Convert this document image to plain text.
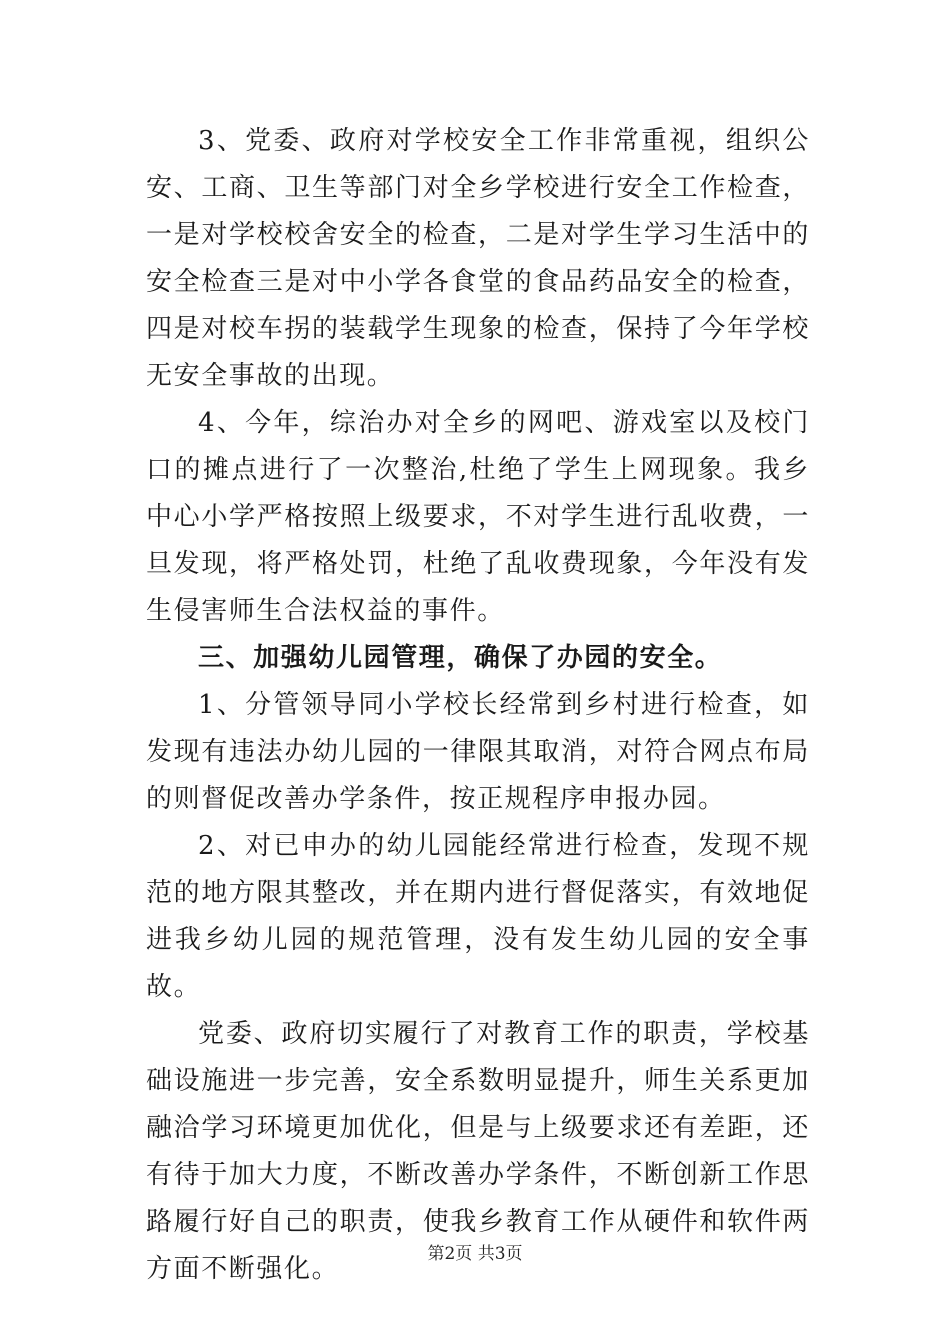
3、党委、政府对学校安全工作非常重视，组织公安、工商、卫生等部门对全乡学校进行安全工作检查，一是对学校校舍安全的检查，二是对学生学习生活中的安全检查三是对中小学各食堂的食品药品安全的检查，四是对校车拐的装载学生现象的检查，保持了今年学校无安全事故的出现。

4、今年，综治办对全乡的网吧、游戏室以及校门口的摊点进行了一次整治,杜绝了学生上网现象。我乡中心小学严格按照上级要求，不对学生进行乱收费，一旦发现，将严格处罚，杜绝了乱收费现象，今年没有发生侵害师生合法权益的事件。

三、加强幼儿园管理，确保了办园的安全。

1、分管领导同小学校长经常到乡村进行检查，如发现有违法办幼儿园的一律限其取消，对符合网点布局的则督促改善办学条件，按正规程序申报办园。

2、对已申办的幼儿园能经常进行检查，发现不规范的地方限其整改，并在期内进行督促落实，有效地促进我乡幼儿园的规范管理，没有发生幼儿园的安全事故。

党委、政府切实履行了对教育工作的职责，学校基础设施进一步完善，安全系数明显提升，师生关系更加融洽学习环境更加优化，但是与上级要求还有差距，还有待于加大力度，不断改善办学条件，不断创新工作思路履行好自己的职责，使我乡教育工作从硬件和软件两方面不断强化。	第2页 共3页
